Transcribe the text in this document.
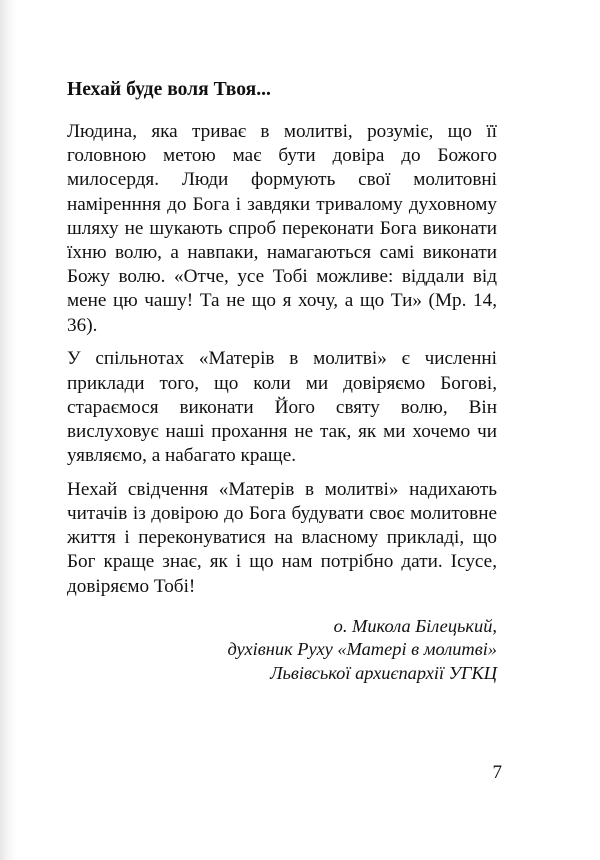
Нехай буде воля Твоя...

Людина, яка триває в молитві, розуміє, що її головною метою має бути довіра до Божого милосердя. Люди формують свої молитовні наміренння до Бога і завдяки тривалому духовному шляху не шукають спроб переконати Бога виконати їхню волю, а навпаки, намагаються самі виконати Божу волю. «Отче, усе Тобі можливе: віддали від мене цю чашу! Та не що я хочу, а що Ти» (Мр. 14, 36).

У спільнотах «Матерів в молитві» є численні приклади того, що коли ми довіряємо Богові, стараємося виконати Його святу волю, Він вислуховує наші прохання не так, як ми хочемо чи уявляємо, а набагато краще.

Нехай свідчення «Матерів в молитві» надихають читачів із довірою до Бога будувати своє молитовне життя і переконуватися на власному прикладі, що Бог краще знає, як і що нам потрібно дати. Ісусе, довіряємо Тобі!

о. Микола Білецький,
духівник Руху «Матері в молитві»
Львівської архиєпархії УГКЦ
7
